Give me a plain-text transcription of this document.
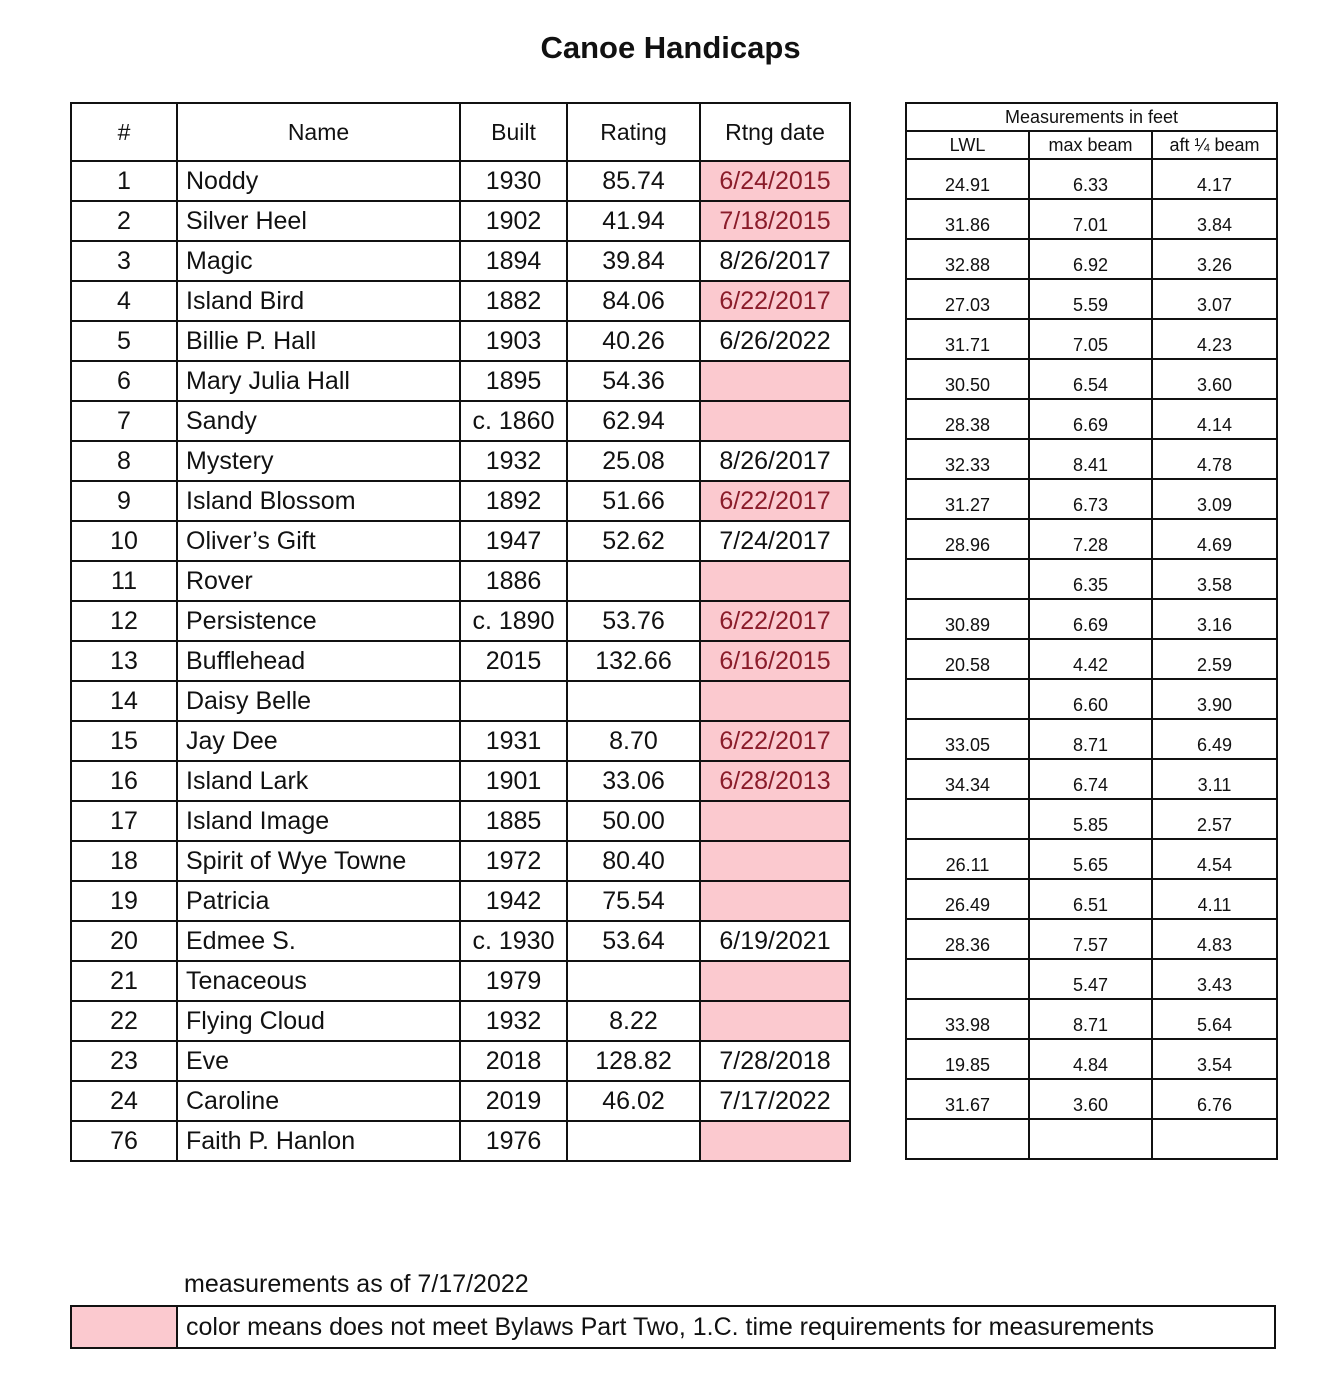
Canoe Handicaps
#	Name	Built	Rating	Rtng date
1	Noddy	1930	85.74	6/24/2015
2	Silver Heel	1902	41.94	7/18/2015
3	Magic	1894	39.84	8/26/2017
4	Island Bird	1882	84.06	6/22/2017
5	Billie P. Hall	1903	40.26	6/26/2022
6	Mary Julia Hall	1895	54.36	
7	Sandy	c. 1860	62.94	
8	Mystery	1932	25.08	8/26/2017
9	Island Blossom	1892	51.66	6/22/2017
10	Oliver’s Gift	1947	52.62	7/24/2017
11	Rover	1886		
12	Persistence	c. 1890	53.76	6/22/2017
13	Bufflehead	2015	132.66	6/16/2015
14	Daisy Belle			
15	Jay Dee	1931	8.70	6/22/2017
16	Island Lark	1901	33.06	6/28/2013
17	Island Image	1885	50.00	
18	Spirit of Wye Towne	1972	80.40	
19	Patricia	1942	75.54	
20	Edmee S.	c. 1930	53.64	6/19/2021
21	Tenaceous	1979		
22	Flying Cloud	1932	8.22	
23	Eve	2018	128.82	7/28/2018
24	Caroline	2019	46.02	7/17/2022
76	Faith P. Hanlon	1976		
Measurements in feet		
LWL	max beam	aft ¼ beam
24.91	6.33	4.17
31.86	7.01	3.84
32.88	6.92	3.26
27.03	5.59	3.07
31.71	7.05	4.23
30.50	6.54	3.60
28.38	6.69	4.14
32.33	8.41	4.78
31.27	6.73	3.09
28.96	7.28	4.69
	6.35	3.58
30.89	6.69	3.16
20.58	4.42	2.59
	6.60	3.90
33.05	8.71	6.49
34.34	6.74	3.11
	5.85	2.57
26.11	5.65	4.54
26.49	6.51	4.11
28.36	7.57	4.83
	5.47	3.43
33.98	8.71	5.64
19.85	4.84	3.54
31.67	3.60	6.76

measurements as of 7/17/2022
	color means does not meet Bylaws Part Two, 1.C. time requirements for measurements
